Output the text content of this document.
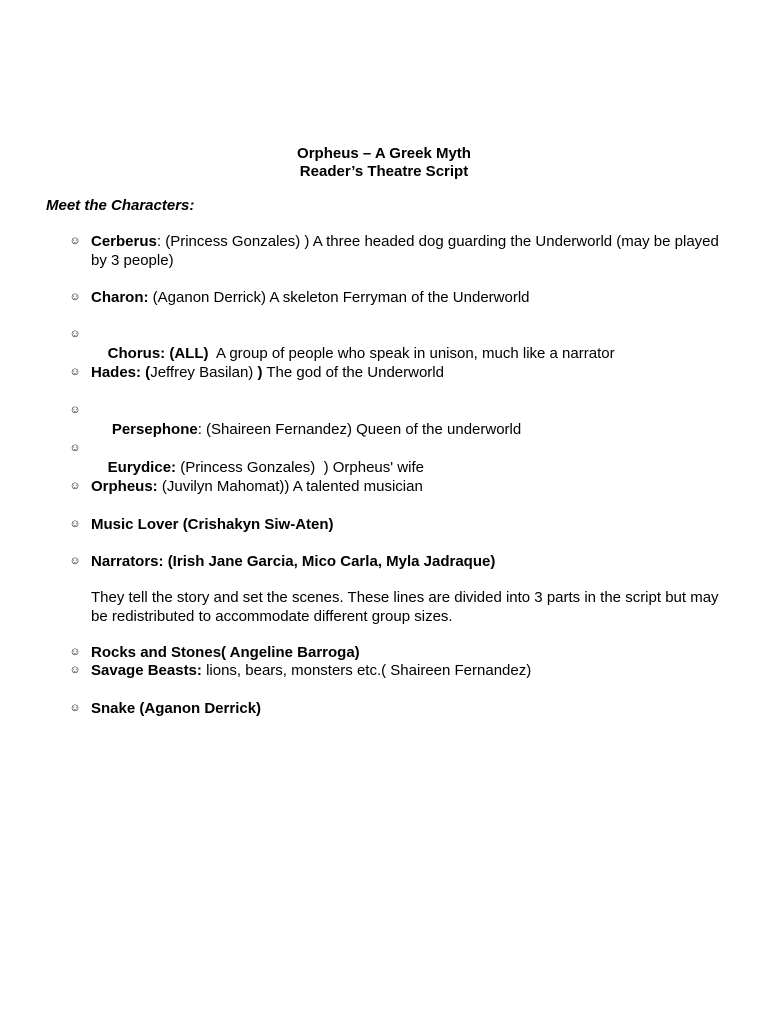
Orpheus – A Greek Myth
Reader’s Theatre Script
Meet the Characters:
☺ Cerberus: (Princess Gonzales) ) A three headed dog guarding the Underworld (may be played by 3 people)
☺ Charon: (Aganon Derrick) A skeleton Ferryman of the Underworld
☺

Chorus: (ALL)  A group of people who speak in unison, much like a narrator

☺ Hades: (Jeffrey Basilan) ) The god of the Underworld
☺

Persephone: (Shaireen Fernandez) Queen of the underworld

☺

Eurydice: (Princess Gonzales)  ) Orpheus' wife

☺ Orpheus: (Juvilyn Mahomat)) A talented musician
☺ Music Lover (Crishakyn Siw-Aten)
☺ Narrators: (Irish Jane Garcia, Mico Carla, Myla Jadraque)
They tell the story and set the scenes. These lines are divided into 3 parts in the script but may be redistributed to accommodate different group sizes.
☺ Rocks and Stones( Angeline Barroga)
☺ Savage Beasts: lions, bears, monsters etc.( Shaireen Fernandez)
☺ Snake (Aganon Derrick)
